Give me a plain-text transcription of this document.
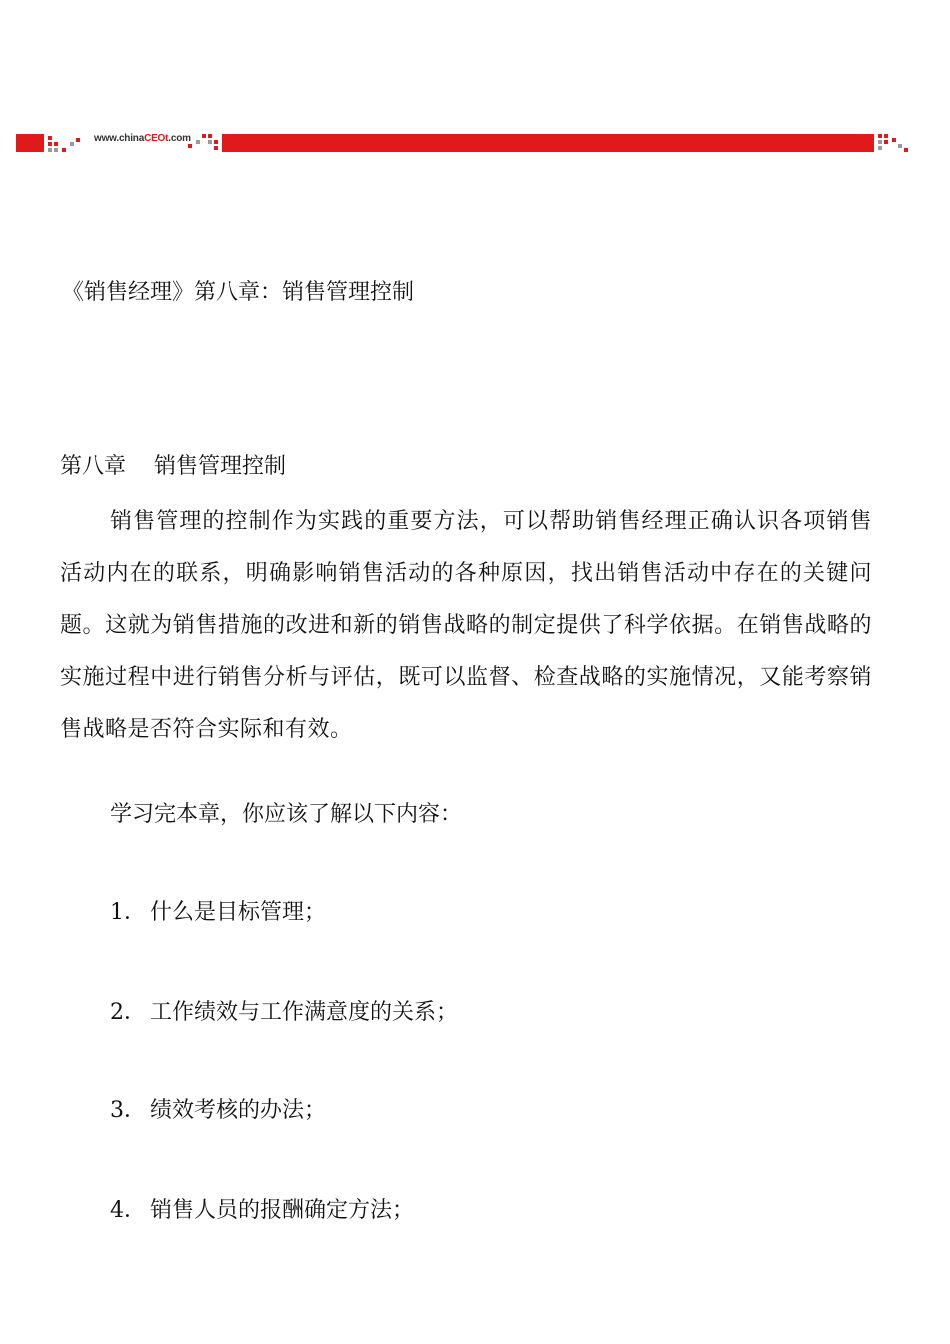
www.chinaCEOt.com
《销售经理》第八章：销售管理控制
第八章    销售管理控制

销售管理的控制作为实践的重要方法，可以帮助销售经理正确认识各项销售活动内在的联系，明确影响销售活动的各种原因，找出销售活动中存在的关键问题。这就为销售措施的改进和新的销售战略的制定提供了科学依据。在销售战略的实施过程中进行销售分析与评估，既可以监督、检查战略的实施情况，又能考察销售战略是否符合实际和有效。

学习完本章，你应该了解以下内容：
1． 什么是目标管理；
2． 工作绩效与工作满意度的关系；
3． 绩效考核的办法；
4． 销售人员的报酬确定方法；
